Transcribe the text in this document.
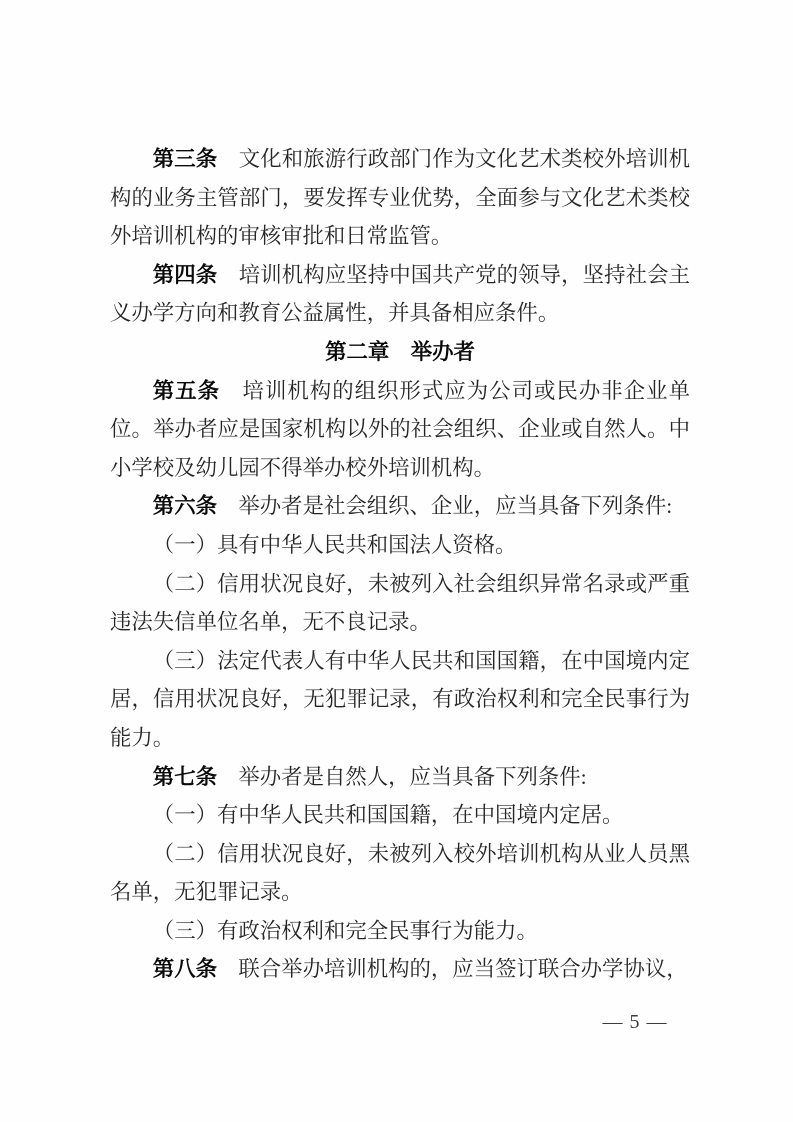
第三条　 文化和旅游行政部门作为文化艺术类校外培训机构的业务主管部门，要发挥专业优势，全面参与文化艺术类校外培训机构的审核审批和日常监管。
第四条　 培训机构应坚持中国共产党的领导，坚持社会主义办学方向和教育公益属性，并具备相应条件。
第二章　 举办者
第五条　 培训机构的组织形式应为公司或民办非企业单位。举办者应是国家机构以外的社会组织、企业或自然人。中小学校及幼儿园不得举办校外培训机构。
第六条　 举办者是社会组织、企业，应当具备下列条件:
（一）具有中华人民共和国法人资格。
（二）信用状况良好，未被列入社会组织异常名录或严重违法失信单位名单，无不良记录。
（三）法定代表人有中华人民共和国国籍，在中国境内定居，信用状况良好，无犯罪记录，有政治权利和完全民事行为能力。
第七条　 举办者是自然人，应当具备下列条件:
（一）有中华人民共和国国籍，在中国境内定居。
（二）信用状况良好，未被列入校外培训机构从业人员黑名单，无犯罪记录。
（三）有政治权利和完全民事行为能力。
第八条　 联合举办培训机构的，应当签订联合办学协议，
— 5 —
